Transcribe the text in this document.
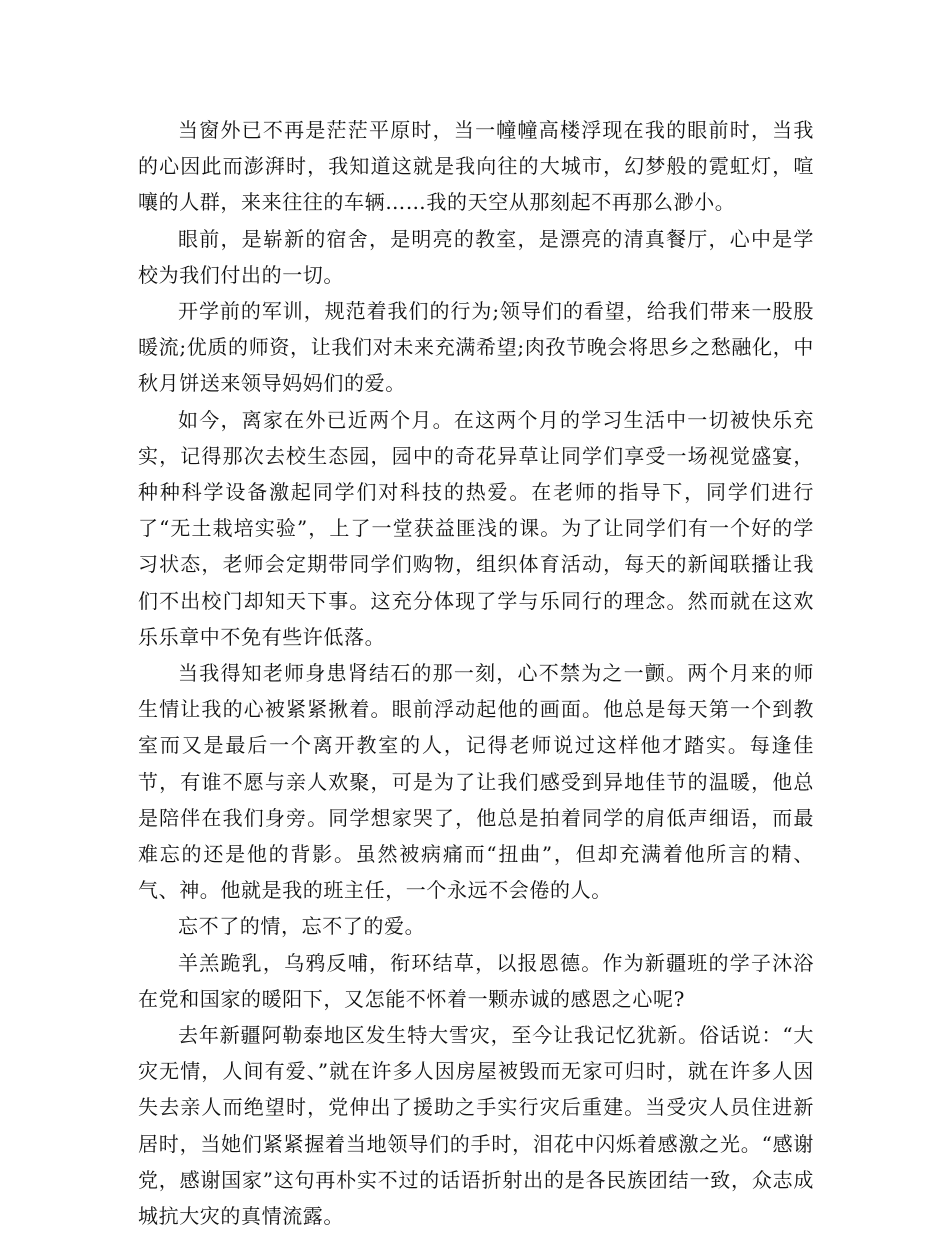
当窗外已不再是茫茫平原时，当一幢幢高楼浮现在我的眼前时，当我的心因此而澎湃时，我知道这就是我向往的大城市，幻梦般的霓虹灯，喧嚷的人群，来来往往的车辆……我的天空从那刻起不再那么渺小。

眼前，是崭新的宿舍，是明亮的教室，是漂亮的清真餐厅，心中是学校为我们付出的一切。

开学前的军训，规范着我们的行为;领导们的看望，给我们带来一股股暖流;优质的师资，让我们对未来充满希望;肉孜节晚会将思乡之愁融化，中秋月饼送来领导妈妈们的爱。

如今，离家在外已近两个月。在这两个月的学习生活中一切被快乐充实，记得那次去校生态园，园中的奇花异草让同学们享受一场视觉盛宴，种种科学设备激起同学们对科技的热爱。在老师的指导下，同学们进行了“无土栽培实验”，上了一堂获益匪浅的课。为了让同学们有一个好的学习状态，老师会定期带同学们购物，组织体育活动，每天的新闻联播让我们不出校门却知天下事。这充分体现了学与乐同行的理念。然而就在这欢乐乐章中不免有些许低落。

当我得知老师身患肾结石的那一刻，心不禁为之一颤。两个月来的师生情让我的心被紧紧揪着。眼前浮动起他的画面。他总是每天第一个到教室而又是最后一个离开教室的人，记得老师说过这样他才踏实。每逢佳节，有谁不愿与亲人欢聚，可是为了让我们感受到异地佳节的温暖，他总是陪伴在我们身旁。同学想家哭了，他总是拍着同学的肩低声细语，而最难忘的还是他的背影。虽然被病痛而“扭曲”，但却充满着他所言的精、气、神。他就是我的班主任，一个永远不会倦的人。

忘不了的情，忘不了的爱。

羊羔跪乳，乌鸦反哺，衔环结草，以报恩德。作为新疆班的学子沐浴在党和国家的暖阳下，又怎能不怀着一颗赤诚的感恩之心呢?

去年新疆阿勒泰地区发生特大雪灾，至今让我记忆犹新。俗话说：“大灾无情，人间有爱、”就在许多人因房屋被毁而无家可归时，就在许多人因失去亲人而绝望时，党伸出了援助之手实行灾后重建。当受灾人员住进新居时，当她们紧紧握着当地领导们的手时，泪花中闪烁着感激之光。“感谢党，感谢国家”这句再朴实不过的话语折射出的是各民族团结一致，众志成城抗大灾的真情流露。
